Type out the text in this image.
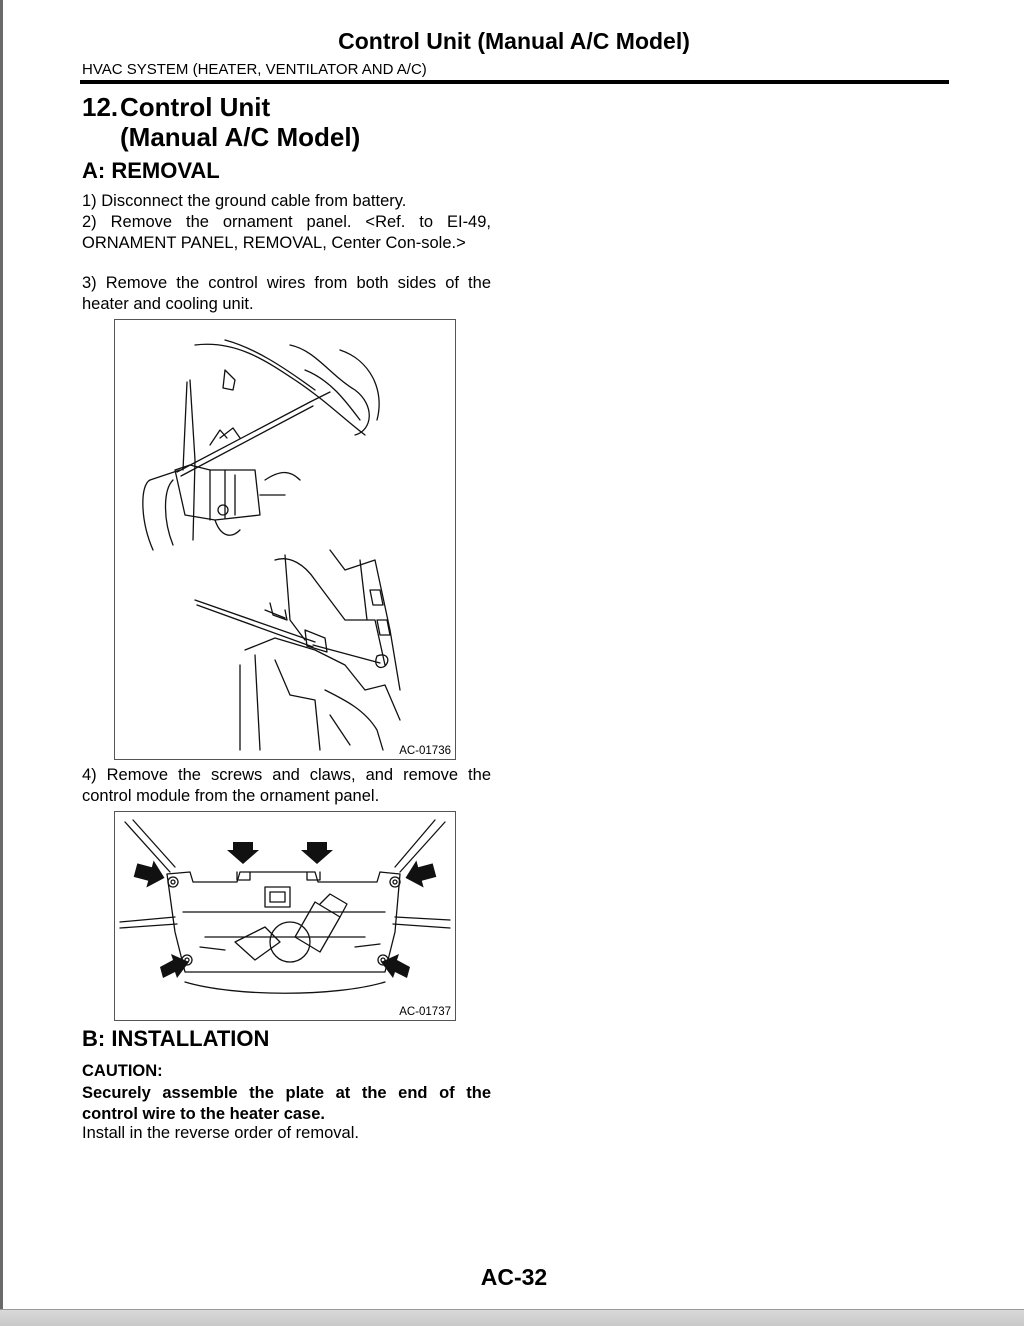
Control Unit (Manual A/C Model)
HVAC SYSTEM (HEATER, VENTILATOR AND A/C)
12.Control Unit
(Manual A/C Model)
A: REMOVAL
1) Disconnect the ground cable from battery.
2) Remove the ornament panel. <Ref. to EI-49, ORNAMENT PANEL, REMOVAL, Center Con-sole.>
3) Remove the control wires from both sides of the heater and cooling unit.
AC-01736
4) Remove the screws and claws, and remove the control module from the ornament panel.
AC-01737
B: INSTALLATION
CAUTION:
Securely assemble the plate at the end of the control wire to the heater case.
Install in the reverse order of removal.
AC-32
